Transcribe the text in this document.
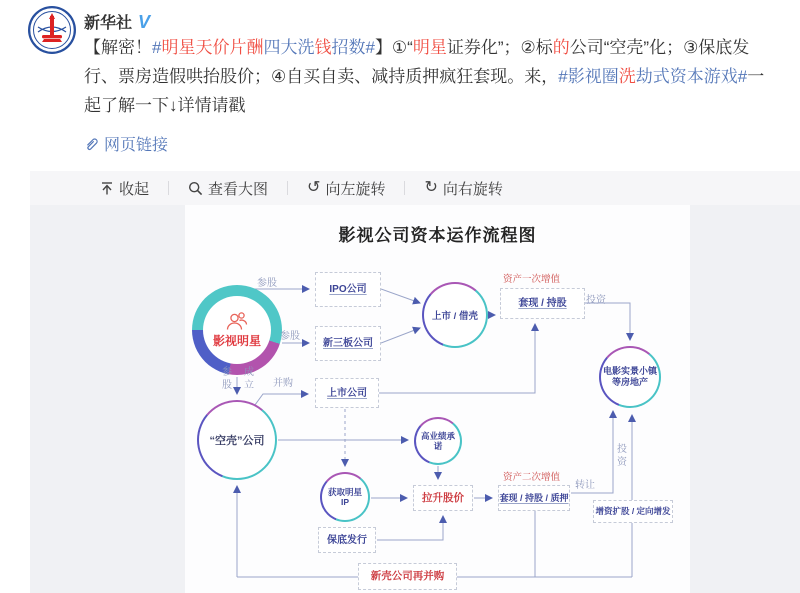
新华社 V
【解密！#明星天价片酬四大洗钱招数#】①“明星证券化”；②标的公司“空壳”化；③保底发行、票房造假哄抬股价；④自买自卖、减持质押疯狂套现。来，#影视圈洗劫式资本游戏#一起了解一下↓详情请戳
网页链接
收起	查看大图 ↺ 向左旋转 ↻ 向右旋转
影视公司资本运作流程图
影视明星
IPO公司
新三板公司
套现 / 持股
上市公司
拉升股价
保底发行
套现 / 持股 / 质押
新壳公司再并购
增资扩股 / 定向增发
上市 / 借壳
电影实景小镇
等房地产
“空壳”公司	高业绩承诺
获取明星IP
资产一次增值
资产二次增值
参股
参股
参股
成立 并购
投资
转让
投资
